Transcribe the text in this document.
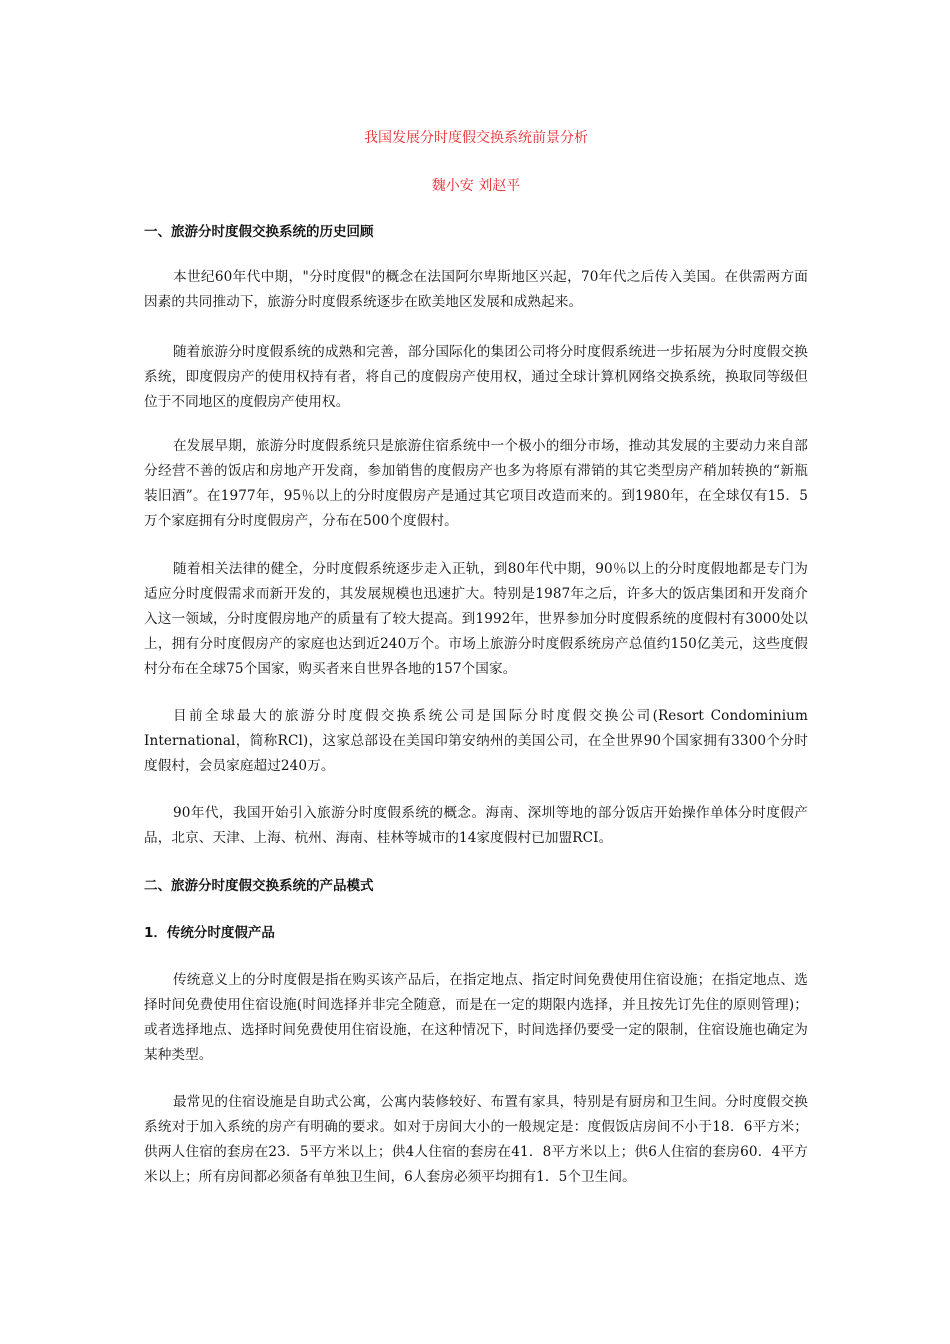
我国发展分时度假交换系统前景分析
魏小安 刘赵平
一、旅游分时度假交换系统的历史回顾

本世纪60年代中期，"分时度假"的概念在法国阿尔卑斯地区兴起，70年代之后传入美国。在供需两方面因素的共同推动下，旅游分时度假系统逐步在欧美地区发展和成熟起来。

随着旅游分时度假系统的成熟和完善，部分国际化的集团公司将分时度假系统进一步拓展为分时度假交换系统，即度假房产的使用权持有者，将自己的度假房产使用权，通过全球计算机网络交换系统，换取同等级但位于不同地区的度假房产使用权。

在发展早期，旅游分时度假系统只是旅游住宿系统中一个极小的细分市场，推动其发展的主要动力来自部分经营不善的饭店和房地产开发商，参加销售的度假房产也多为将原有滞销的其它类型房产稍加转换的“新瓶装旧酒”。在1977年，95％以上的分时度假房产是通过其它项目改造而来的。到1980年，在全球仅有15．5万个家庭拥有分时度假房产，分布在500个度假村。

随着相关法律的健全，分时度假系统逐步走入正轨，到80年代中期，90％以上的分时度假地都是专门为适应分时度假需求而新开发的，其发展规模也迅速扩大。特别是1987年之后，许多大的饭店集团和开发商介入这一领域，分时度假房地产的质量有了较大提高。到1992年，世界参加分时度假系统的度假村有3000处以上，拥有分时度假房产的家庭也达到近240万个。市场上旅游分时度假系统房产总值约150亿美元，这些度假村分布在全球75个国家，购买者来自世界各地的157个国家。

目前全球最大的旅游分时度假交换系统公司是国际分时度假交换公司(Resort Condominium International，简称RCl)，这家总部设在美国印第安纳州的美国公司，在全世界90个国家拥有3300个分时度假村，会员家庭超过240万。

90年代，我国开始引入旅游分时度假系统的概念。海南、深圳等地的部分饭店开始操作单体分时度假产品，北京、天津、上海、杭州、海南、桂林等城市的14家度假村已加盟RCI。

二、旅游分时度假交换系统的产品模式
1．传统分时度假产品

传统意义上的分时度假是指在购买该产品后，在指定地点、指定时间免费使用住宿设施；在指定地点、选择时间免费使用住宿设施(时间选择并非完全随意，而是在一定的期限内选择，并且按先订先住的原则管理)；或者选择地点、选择时间免费使用住宿设施，在这种情况下，时间选择仍要受一定的限制，住宿设施也确定为某种类型。

最常见的住宿设施是自助式公寓，公寓内装修较好、布置有家具，特别是有厨房和卫生间。分时度假交换系统对于加入系统的房产有明确的要求。如对于房间大小的一般规定是：度假饭店房间不小于18．6平方米；供两人住宿的套房在23．5平方米以上；供4人住宿的套房在41．8平方米以上；供6人住宿的套房60．4平方米以上；所有房间都必须备有单独卫生间，6人套房必须平均拥有1．5个卫生间。
